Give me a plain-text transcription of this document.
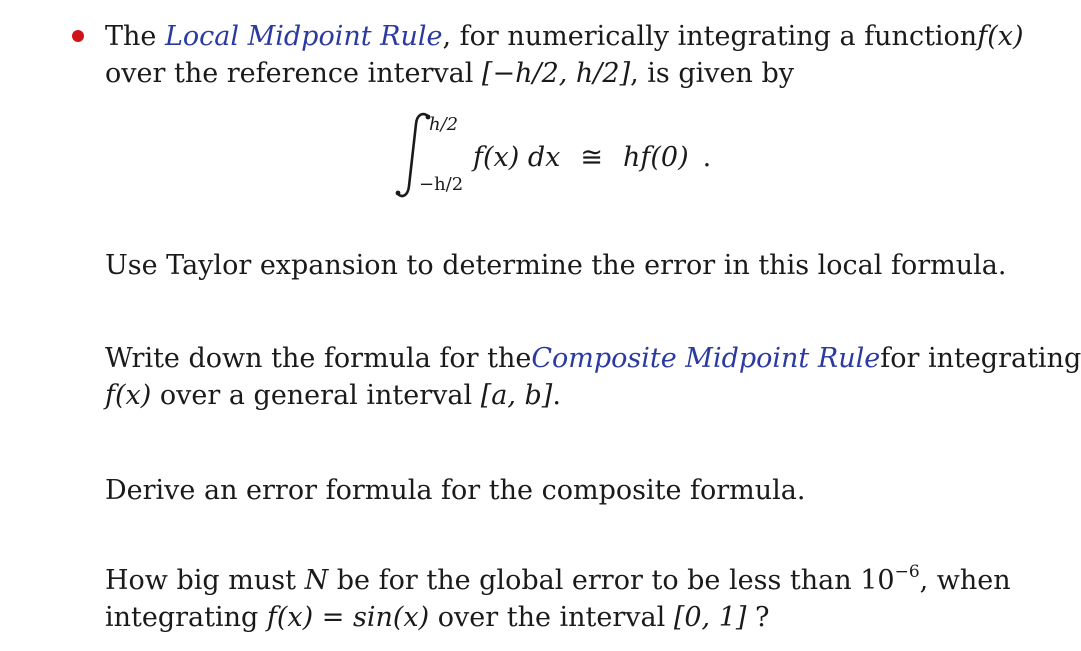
The Local Midpoint Rule, for numerically integrating a function f(x)
over the reference interval [−h/2, h/2], is given by
h/2
−h/2
f(x) dx ≅ hf(0) .
Use Taylor expansion to determine the error in this local formula.
Write down the formula for the Composite Midpoint Rule for integrating
f(x) over a general interval [a, b].
Derive an error formula for the composite formula.
How big must N be for the global error to be less than $10^{-6}$, when
integrating f(x) = sin(x) over the interval [0, 1] ?
